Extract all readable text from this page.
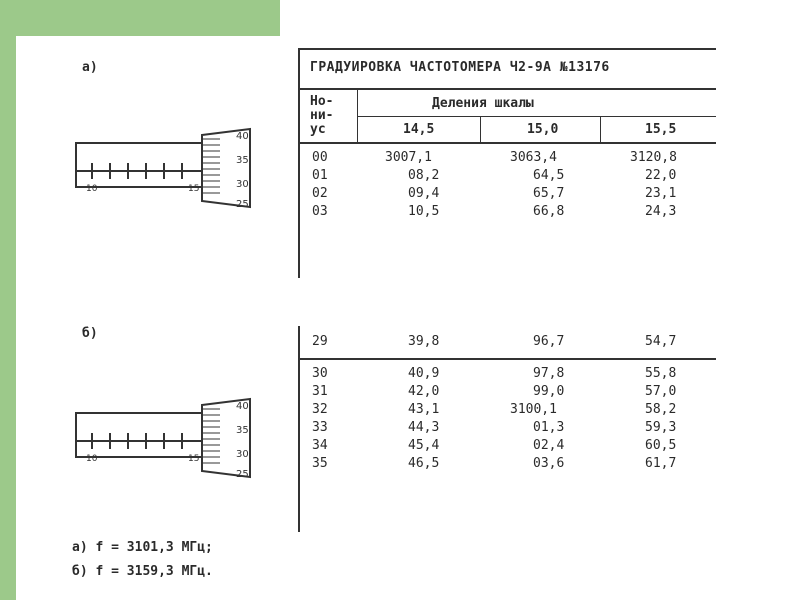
а)
б)
10	15
40
35
30
25
10	15
40
35
30
25
ГРАДУИРОВКА ЧАСТОТОМЕРА Ч2-9А №13176
Но-
ни-
ус
Деления шкалы
14,5	15,0	15,5
00	3007,1	3063,4	3120,8
01	08,2	64,5	22,0
02	09,4	65,7	23,1
03	10,5	66,8	24,3
29	39,8	96,7	54,7
30	40,9	97,8	55,8
31	42,0	99,0	57,0
32	43,1	3100,1	58,2
33	44,3	01,3	59,3
34	45,4	02,4	60,5
35	46,5	03,6	61,7
а) f = 3101,3 МГц;
б) f = 3159,3 МГц.
